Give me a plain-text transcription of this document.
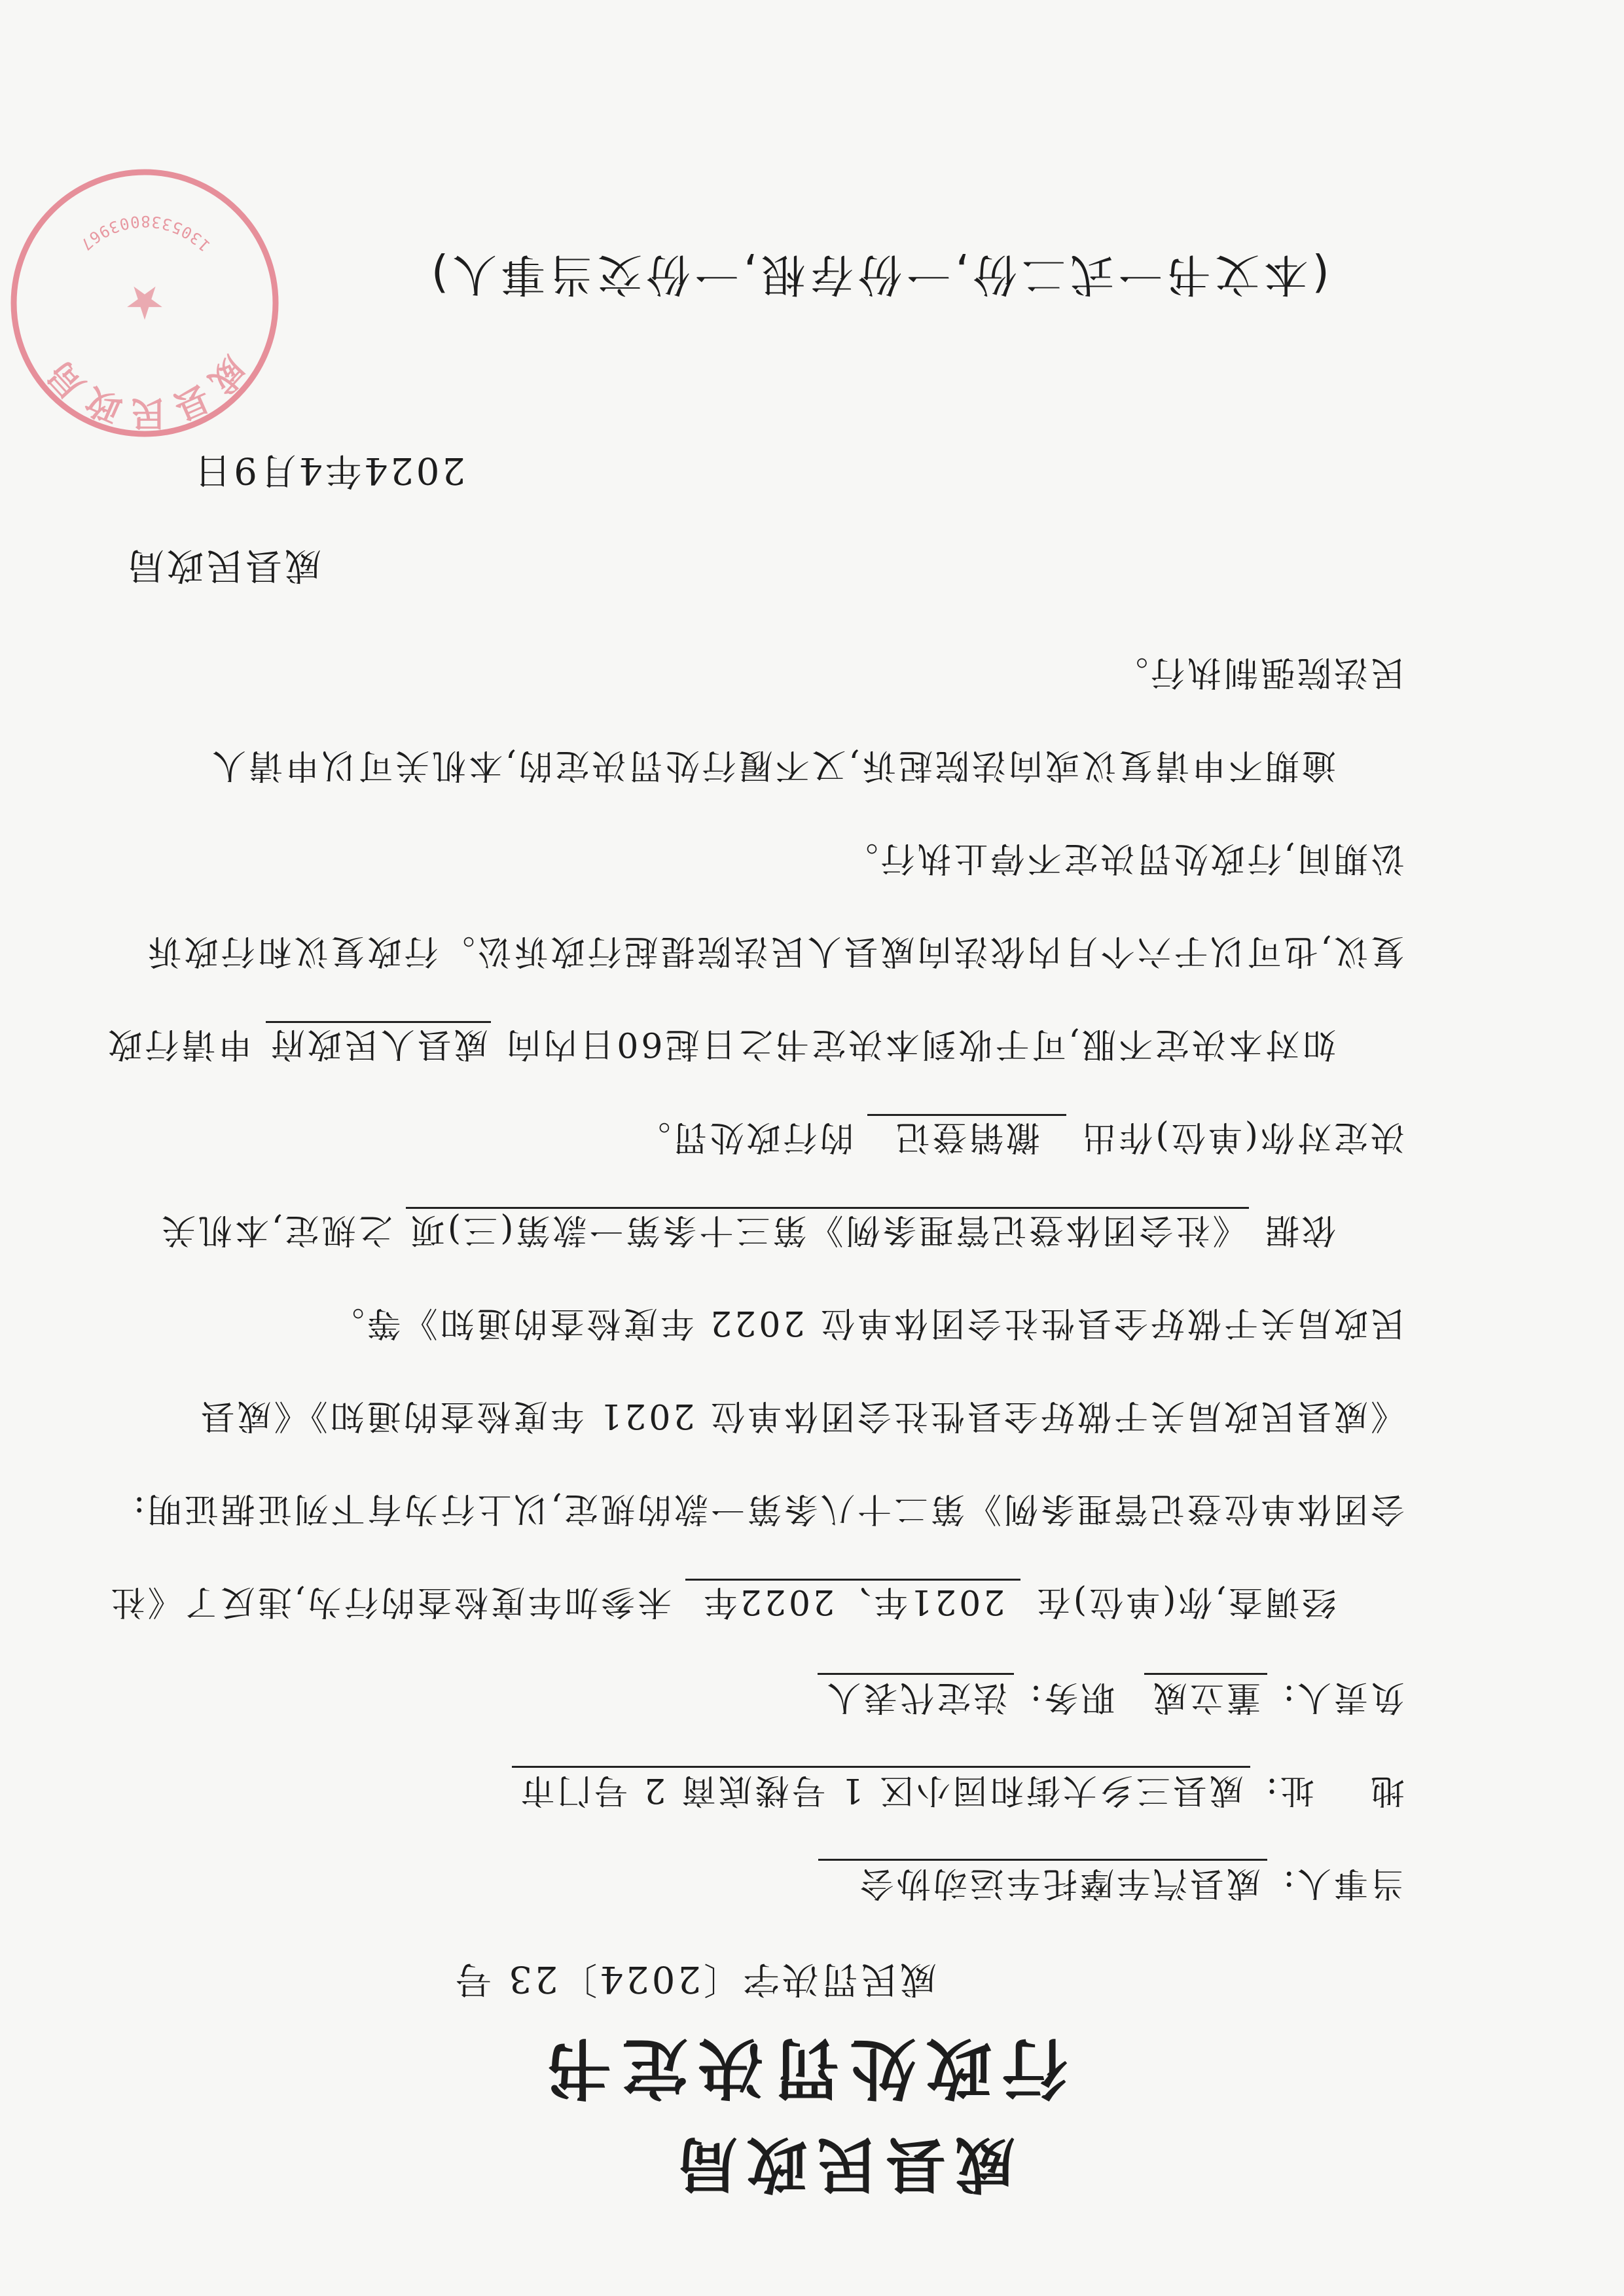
威县民政局
行政处罚决定书
威民罚决字〔2024〕23 号
当事人: 威县汽车摩托车运动协会
地    址: 威县三乡大街和园小区 1 号楼底商 2 号门市
负责人: 董立威 职务: 法定代表人
经调查,你(单位)在 2021年、2022年 未参加年度检查的行为,违反了《社
会团体单位登记管理条例》第二十八条第一款的规定,以上行为有下列证据证明:
《威县民政局关于做好全县性社会团体单位 2021 年度检查的通知》《威县
民政局关于做好全县性社会团体单位 2022 年度检查的通知》等。
依据 《社会团体登记管理条例》第三十条第一款第(三)项 之规定,本机关
决定对你(单位)作出 撤销登记 的行政处罚。
如对本决定不服,可于收到本决定书之日起60日内向 威县人民政府 申请行政
复议,也可以于六个月内依法向威县人民法院提起行政诉讼。行政复议和行政诉
讼期间,行政处罚决定不停止执行。
逾期不申请复议或向法院起诉,又不履行处罚决定的,本机关可以申请人
民法院强制执行。
威县民政局
2024年4月9日
威县民政局
★
1305338003967
(本文书一式二份,一份存根,一份交当事人)
